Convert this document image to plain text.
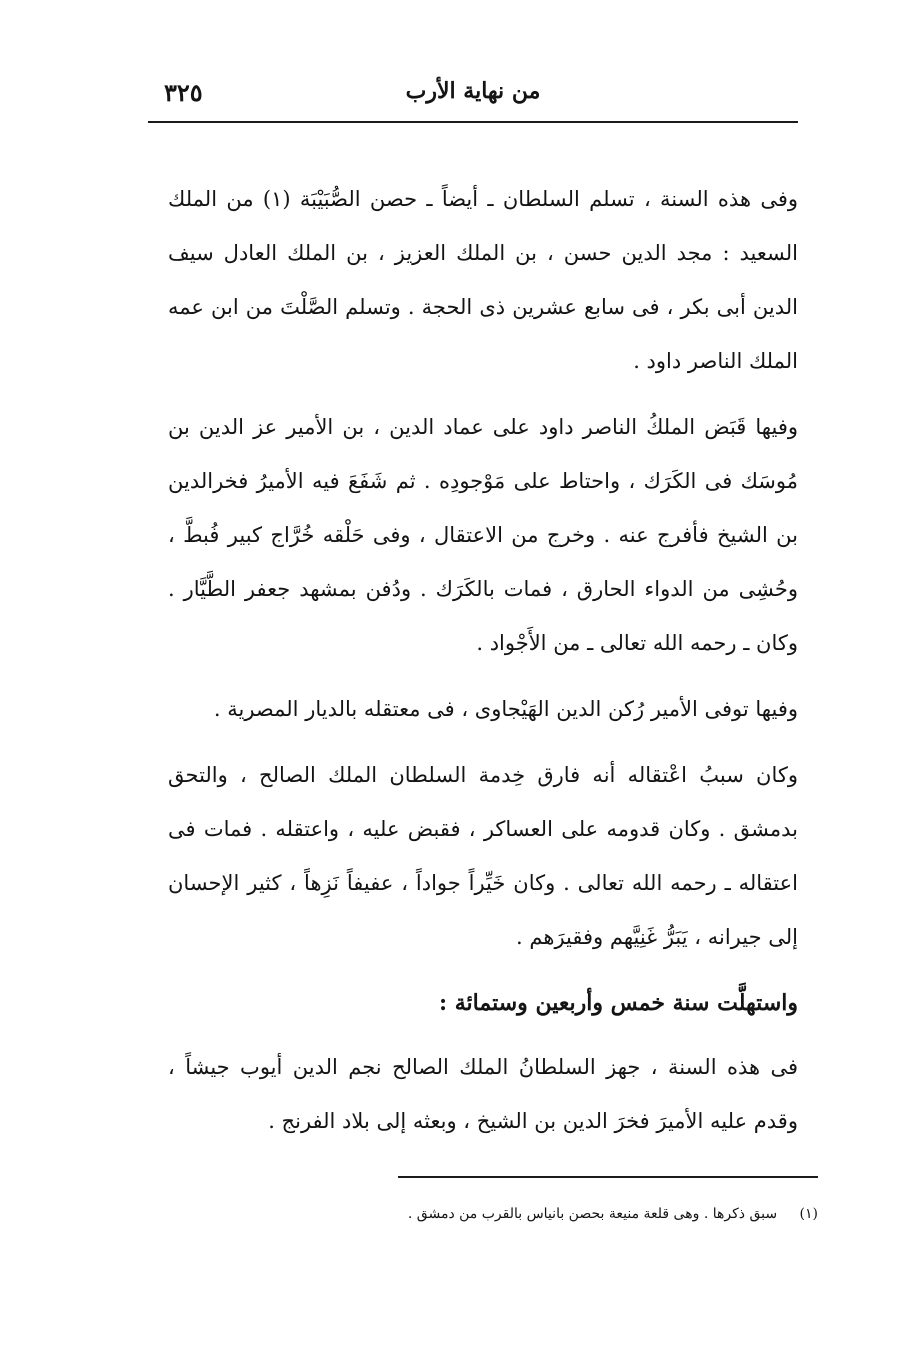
٣٢٥	من نهاية الأرب

وفى هذه السنة ، تسلم السلطان ـ أيضاً ـ حصن الصُّبَيْبَة (١) من الملك السعيد : مجد الدين حسن ، بن الملك العزيز ، بن الملك العادل سيف الدين أبى بكر ، فى سابع عشرين ذى الحجة . وتسلم الصَّلْتَ من ابن عمه الملك الناصر داود .

وفيها قَبَض الملكُ الناصر داود على عماد الدين ، بن الأمير عز الدين بن مُوسَك فى الكَرَك ، واحتاط على مَوْجودِه . ثم شَفَعَ فيه الأميرُ فخرالدين بن الشيخ فأفرج عنه . وخرج من الاعتقال ، وفى حَلْقه خُرَّاج كبير فُبطَّ ، وحُشِى من الدواء الحارق ، فمات بالكَرَك . ودُفن بمشهد جعفر الطَّيَّار . وكان ـ رحمه الله تعالى ـ من الأَجْواد .

وفيها توفى الأمير رُكن الدين الهَيْجاوى ، فى معتقله بالديار المصرية .

وكان سببُ اعْتقاله أنه فارق خِدمة السلطان الملك الصالح ، والتحق بدمشق . وكان قدومه على العساكر ، فقبض عليه ، واعتقله . فمات فى اعتقاله ـ رحمه الله تعالى . وكان خَيِّراً جواداً ، عفيفاً نَزِهاً ، كثير الإحسان إلى جيرانه ، يَبَرُّ غَنِيَّهم وفقيرَهم .

واستهلَّت سنة خمس وأربعين وستمائة :

فى هذه السنة ، جهز السلطانُ الملك الصالح نجم الدين أيوب جيشاً ، وقدم عليه الأميرَ فخرَ الدين بن الشيخ ، وبعثه إلى بلاد الفرنج .

(١) سبق ذكرها . وهى قلعة منيعة بحصن بانياس بالقرب من دمشق .
